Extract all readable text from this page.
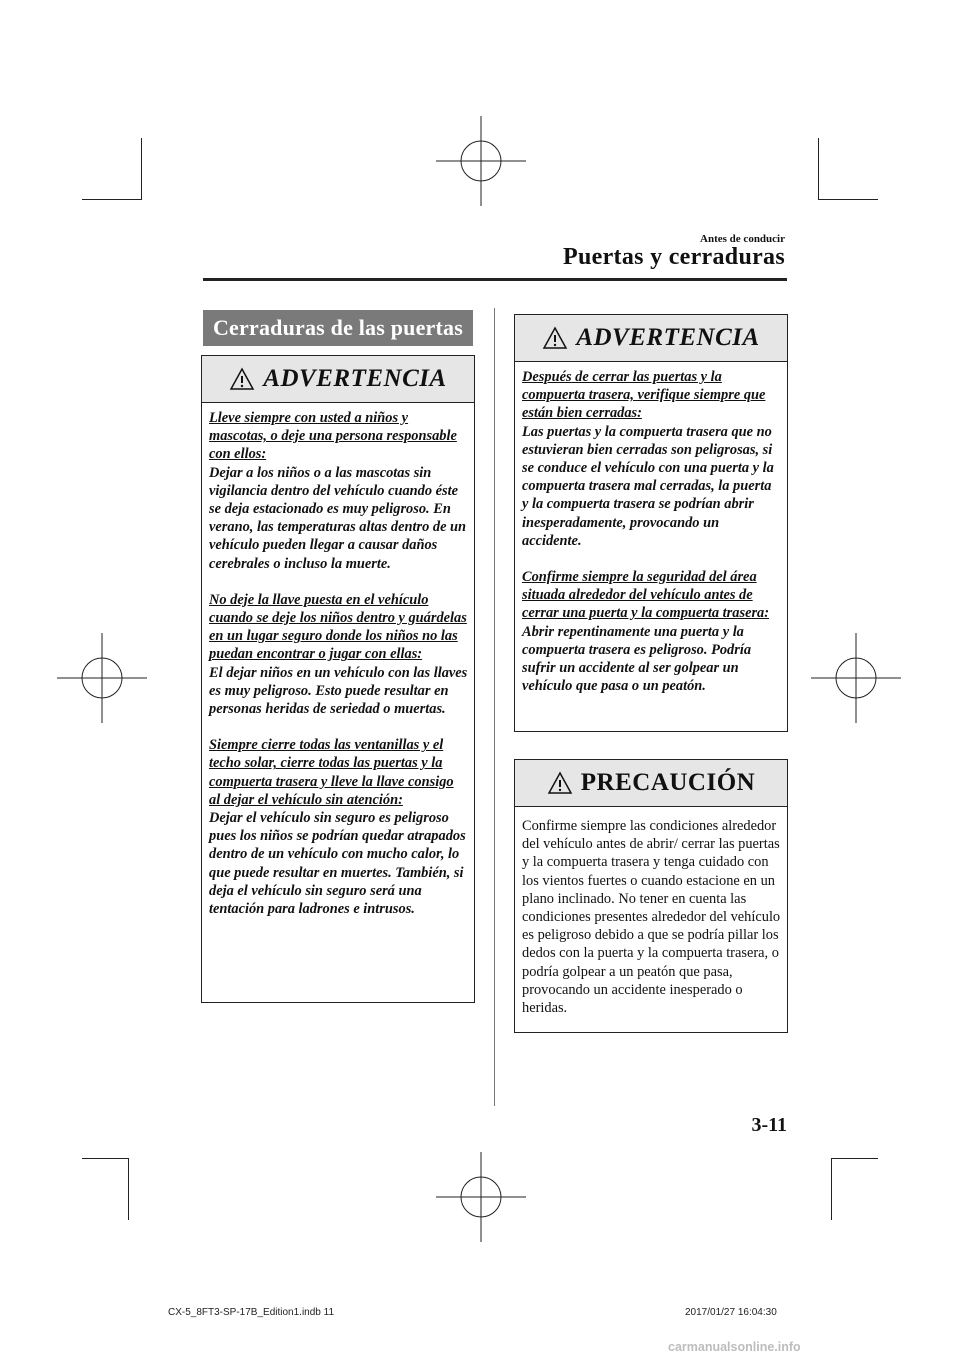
Antes de conducir
Puertas y cerraduras
Cerraduras de las puertas
ADVERTENCIA

Lleve siempre con usted a niños y mascotas, o deje una persona responsable con ellos:
Dejar a los niños o a las mascotas sin vigilancia dentro del vehículo cuando éste se deja estacionado es muy peligroso. En verano, las temperaturas altas dentro de un vehículo pueden llegar a causar daños cerebrales o incluso la muerte.

No deje la llave puesta en el vehículo cuando se deje los niños dentro y guárdelas en un lugar seguro donde los niños no las puedan encontrar o jugar con ellas:
El dejar niños en un vehículo con las llaves es muy peligroso. Esto puede resultar en personas heridas de seriedad o muertas.

Siempre cierre todas las ventanillas y el techo solar, cierre todas las puertas y la compuerta trasera y lleve la llave consigo al dejar el vehículo sin atención:
Dejar el vehículo sin seguro es peligroso pues los niños se podrían quedar atrapados dentro de un vehículo con mucho calor, lo que puede resultar en muertes. También, si deja el vehículo sin seguro será una tentación para ladrones e intrusos.

ADVERTENCIA

Después de cerrar las puertas y la compuerta trasera, verifique siempre que están bien cerradas:
Las puertas y la compuerta trasera que no estuvieran bien cerradas son peligrosas, si se conduce el vehículo con una puerta y la compuerta trasera mal cerradas, la puerta y la compuerta trasera se podrían abrir inesperadamente, provocando un accidente.

Confirme siempre la seguridad del área situada alrededor del vehículo antes de cerrar una puerta y la compuerta trasera:
Abrir repentinamente una puerta y la compuerta trasera es peligroso. Podría sufrir un accidente al ser golpear un vehículo que pasa o un peatón.

PRECAUCIÓN
Confirme siempre las condiciones alrededor del vehículo antes de abrir/ cerrar las puertas y la compuerta trasera y tenga cuidado con los vientos fuertes o cuando estacione en un plano inclinado. No tener en cuenta las condiciones presentes alrededor del vehículo es peligroso debido a que se podría pillar los dedos con la puerta y la compuerta trasera, o podría golpear a un peatón que pasa, provocando un accidente inesperado o heridas.
3-11
CX-5_8FT3-SP-17B_Edition1.indb 11	2017/01/27 16:04:30
carmanualsonline.info
